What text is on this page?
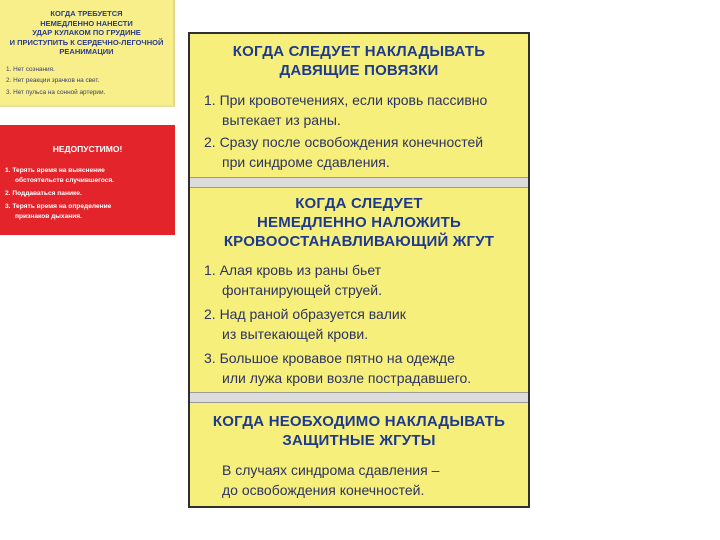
КОГДА ТРЕБУЕТСЯ
НЕМЕДЛЕННО НАНЕСТИ
УДАР КУЛАКОМ ПО ГРУДИНЕ
И ПРИСТУПИТЬ К СЕРДЕЧНО-ЛЕГОЧНОЙ
РЕАНИМАЦИИ
1. Нет сознания.
2. Нет реакции зрачков на свет.
3. Нет пульса на сонной артерии.
НЕДОПУСТИМО!
1. Терять время на выяснение
обстоятельств случившегося.
2. Поддаваться панике.
3. Терять время на определение
признаков дыхания.
КОГДА СЛЕДУЕТ НАКЛАДЫВАТЬ
ДАВЯЩИЕ ПОВЯЗКИ
1. При кровотечениях, если кровь пассивно
вытекает из раны.
2. Сразу после освобождения конечностей
при синдроме сдавления.
КОГДА СЛЕДУЕТ
НЕМЕДЛЕННО НАЛОЖИТЬ
КРОВООСТАНАВЛИВАЮЩИЙ ЖГУТ
1. Алая кровь из раны бьет
фонтанирующей струей.
2. Над раной образуется валик
из вытекающей крови.
3. Большое кровавое пятно на одежде
или лужа крови возле пострадавшего.
КОГДА НЕОБХОДИМО НАКЛАДЫВАТЬ
ЗАЩИТНЫЕ ЖГУТЫ
В случаях синдрома сдавления –
до освобождения конечностей.
